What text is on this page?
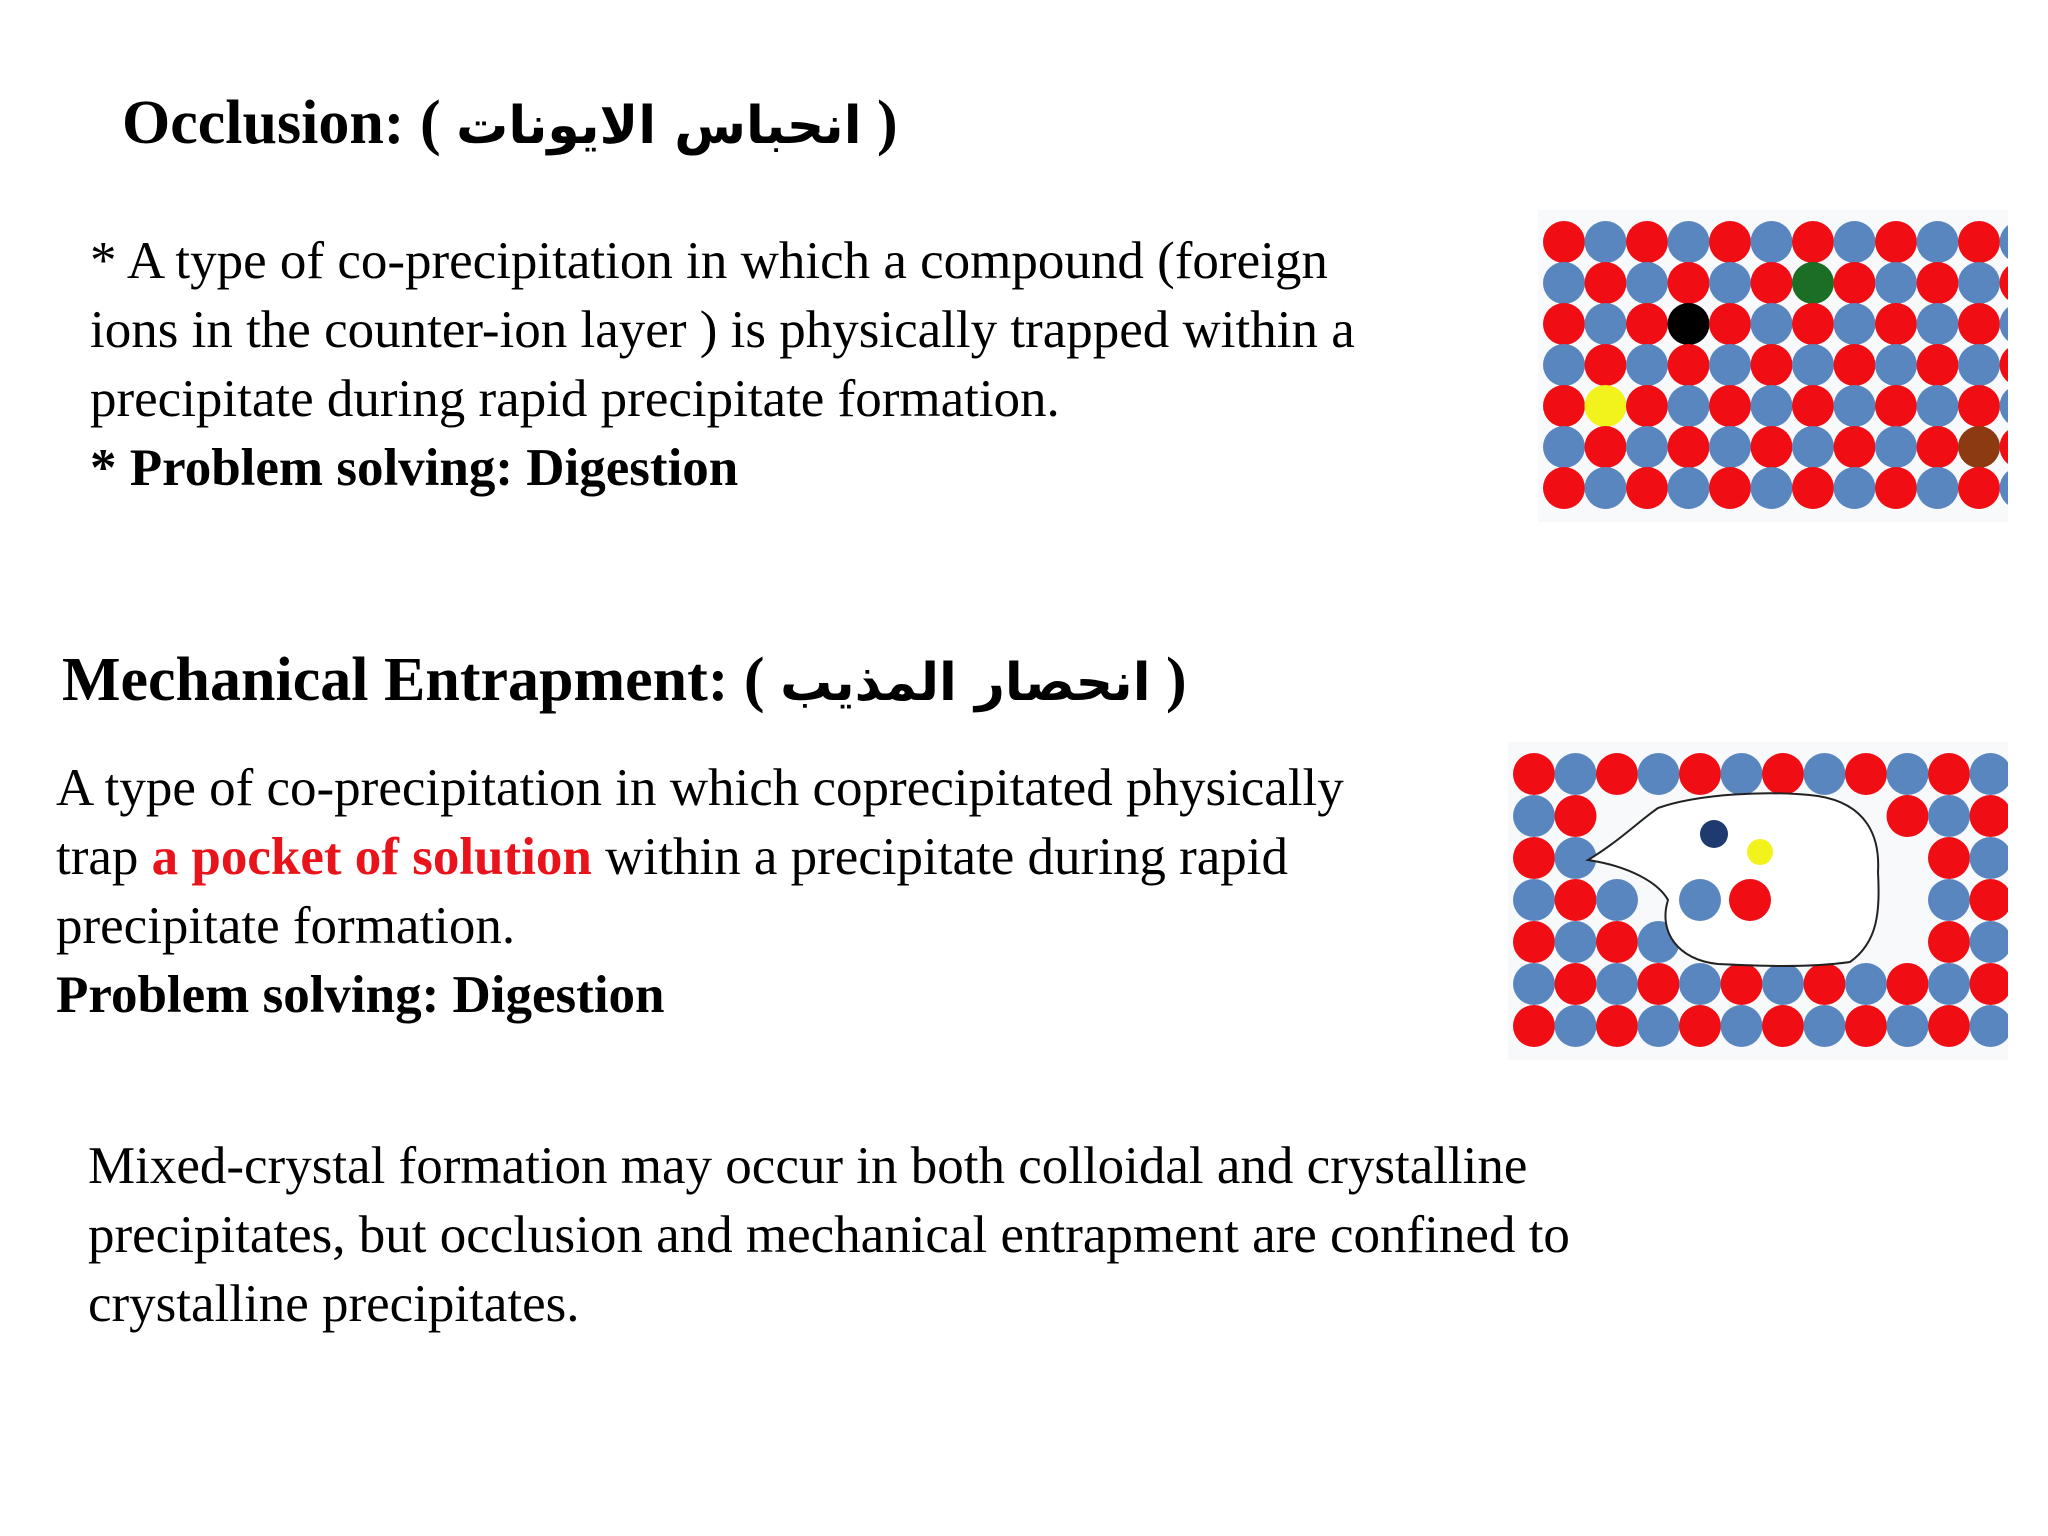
Occlusion: ( انحباس الايونات )
* A type of co-precipitation in which a compound (foreign
ions in the counter-ion layer ) is physically trapped within a
precipitate during rapid precipitate formation.
* Problem solving: Digestion
Mechanical Entrapment: ( انحصار المذيب )
A type of co-precipitation in which coprecipitated physically
trap a pocket of solution within a precipitate during rapid
precipitate formation.
Problem solving: Digestion
Mixed-crystal formation may occur in both colloidal and crystalline
precipitates, but occlusion and mechanical entrapment are confined to
crystalline precipitates.
